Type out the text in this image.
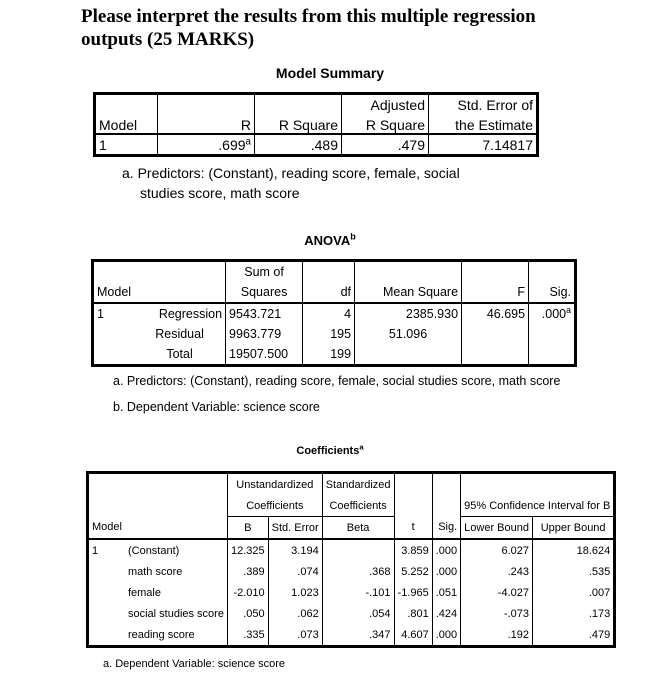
Please interpret the results from this multiple regression outputs (25 MARKS)
Model Summary
			Adjusted	Std. Error of
Model	R	R Square	R Square	the Estimate
1	.699$^a$	.489	.479	7.14817
a. Predictors: (Constant), reading score, female, social
studies score, math score
ANOVA$^b$
		Sum of				
Model		Squares	df	Mean Square	F	Sig.
1	Regression	9543.721	4	2385.930	46.695	.000$^a$
	Residual	9963.779	195	51.096		
	Total	19507.500	199			
a. Predictors: (Constant), reading score, female, social studies score, math score
b. Dependent Variable: science score
Coefficients$^a$
		Unstandardized		Standardized				
		Coefficients		Coefficients			95% Confidence Interval for B	
Model		B	Std. Error	Beta	t	Sig.	Lower Bound	Upper Bound
1	(Constant)	12.325	3.194		3.859	.000	6.027	18.624
	math score	.389	.074	.368	5.252	.000	.243	.535
	female	-2.010	1.023	-.101	-1.965	.051	-4.027	.007
	social studies score	.050	.062	.054	.801	.424	-.073	.173
	reading score	.335	.073	.347	4.607	.000	.192	.479
a. Dependent Variable: science score
